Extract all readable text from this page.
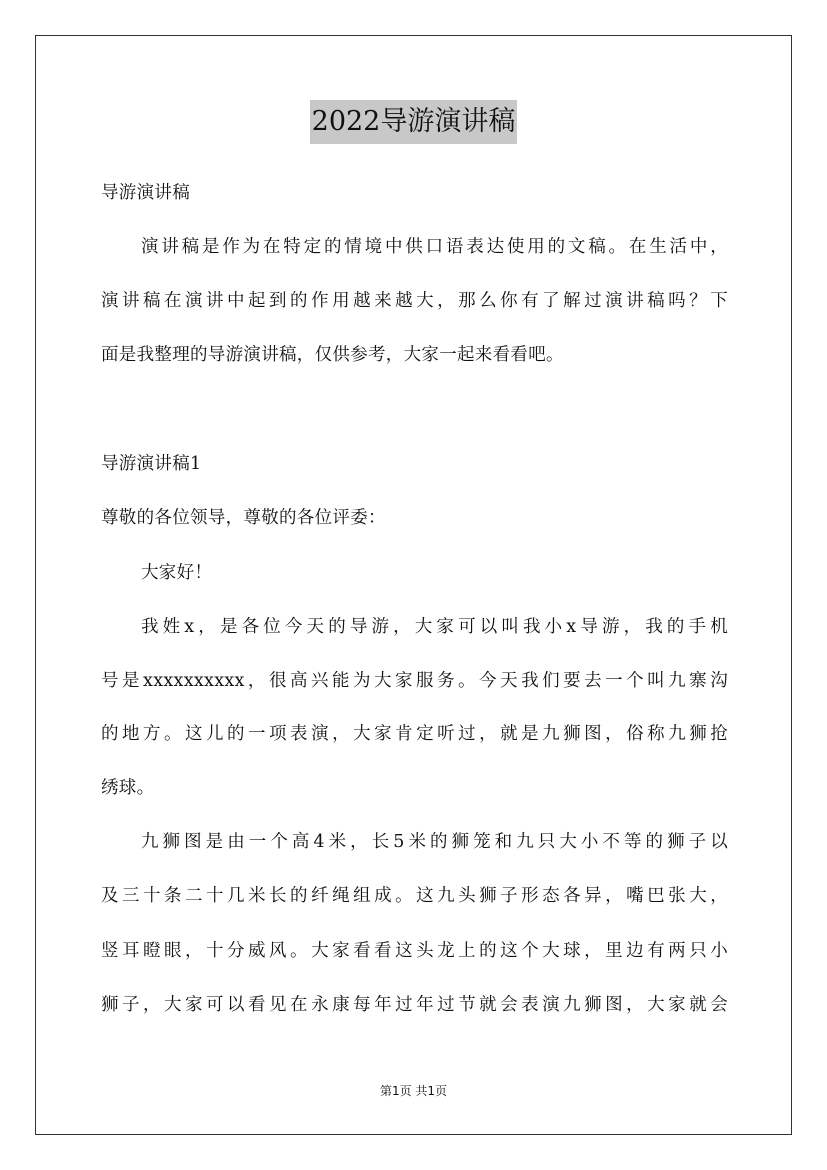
2022导游演讲稿
导游演讲稿
演讲稿是作为在特定的情境中供口语表达使用的文稿。在生活中，
演讲稿在演讲中起到的作用越来越大，那么你有了解过演讲稿吗？下
面是我整理的导游演讲稿，仅供参考，大家一起来看看吧。
导游演讲稿1
尊敬的各位领导，尊敬的各位评委：
大家好！
我姓x，是各位今天的导游，大家可以叫我小x导游，我的手机
号是xxxxxxxxxx，很高兴能为大家服务。今天我们要去一个叫九寨沟
的地方。这儿的一项表演，大家肯定听过，就是九狮图，俗称九狮抢
绣球。
九狮图是由一个高4米，长5米的狮笼和九只大小不等的狮子以
及三十条二十几米长的纤绳组成。这九头狮子形态各异，嘴巴张大，
竖耳瞪眼，十分威风。大家看看这头龙上的这个大球，里边有两只小
狮子，大家可以看见在永康每年过年过节就会表演九狮图，大家就会
第1页 共1页
